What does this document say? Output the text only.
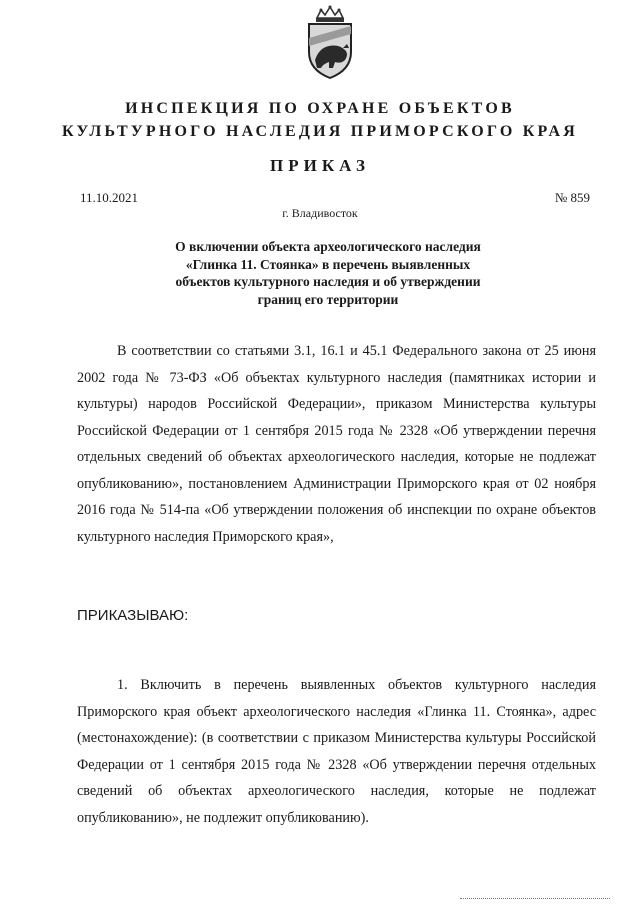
ИНСПЕКЦИЯ ПО ОХРАНЕ ОБЪЕКТОВ
КУЛЬТУРНОГО НАСЛЕДИЯ ПРИМОРСКОГО КРАЯ
ПРИКАЗ
11.10.2021	№ 859
г. Владивосток
О включении объекта археологического наследия
«Глинка 11. Стоянка» в перечень выявленных
объектов культурного наследия и об утверждении
границ его территории

В соответствии со статьями 3.1, 16.1 и 45.1 Федерального закона от 25 июня 2002 года № 73-ФЗ «Об объектах культурного наследия (памятниках истории и культуры) народов Российской Федерации», приказом Министерства культуры Российской Федерации от 1 сентября 2015 года № 2328 «Об утверждении перечня отдельных сведений об объектах археологического наследия, которые не подлежат опубликованию», постановлением Администрации Приморского края от 02 ноября 2016 года № 514-па «Об утверждении положения об инспекции по охране объектов культурного наследия Приморского края»,

ПРИКАЗЫВАЮ:

1. Включить в перечень выявленных объектов культурного наследия Приморского края объект археологического наследия «Глинка 11. Стоянка», адрес (местонахождение): (в соответствии с приказом Министерства культуры Российской Федерации от 1 сентября 2015 года № 2328 «Об утверждении перечня отдельных сведений об объектах археологического наследия, которые не подлежат опубликованию», не подлежит опубликованию).
